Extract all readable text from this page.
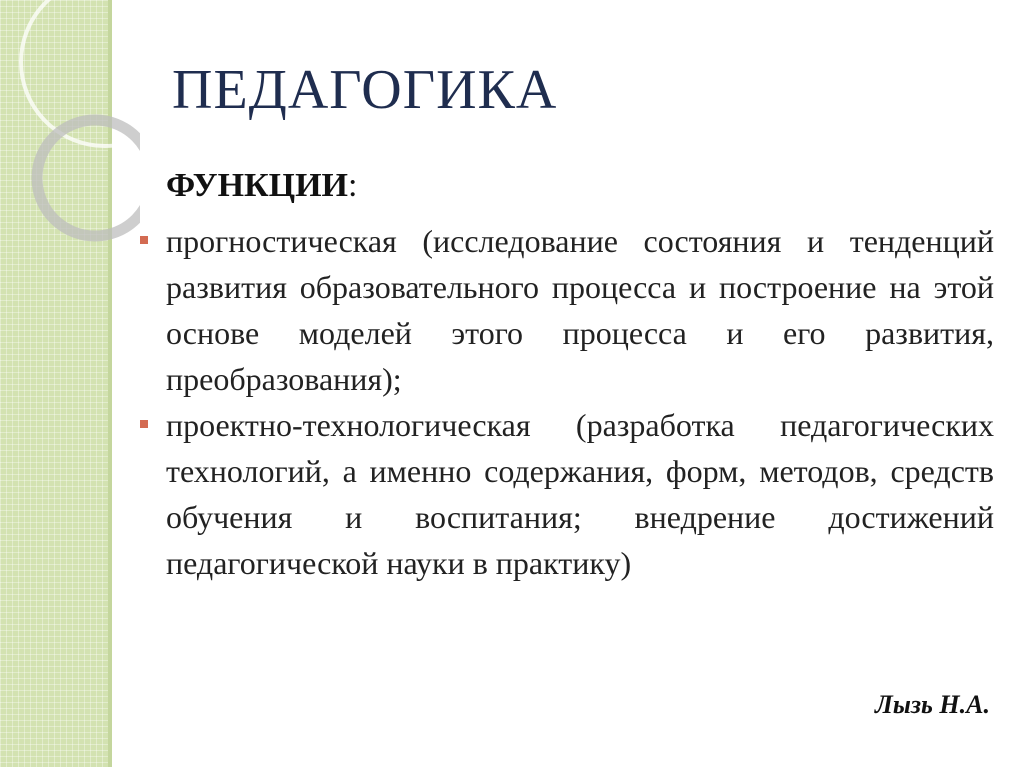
ПЕДАГОГИКА
ФУНКЦИИ:
прогностическая (исследование состояния и тенденций развития образовательного процесса и построение на этой основе моделей этого процесса и его развития, преобразования);
проектно-технологическая (разработка педагогических технологий, а именно содержания, форм, методов, средств обучения и воспитания; внедрение достижений педагогической науки в практику)
Лызь Н.А.
